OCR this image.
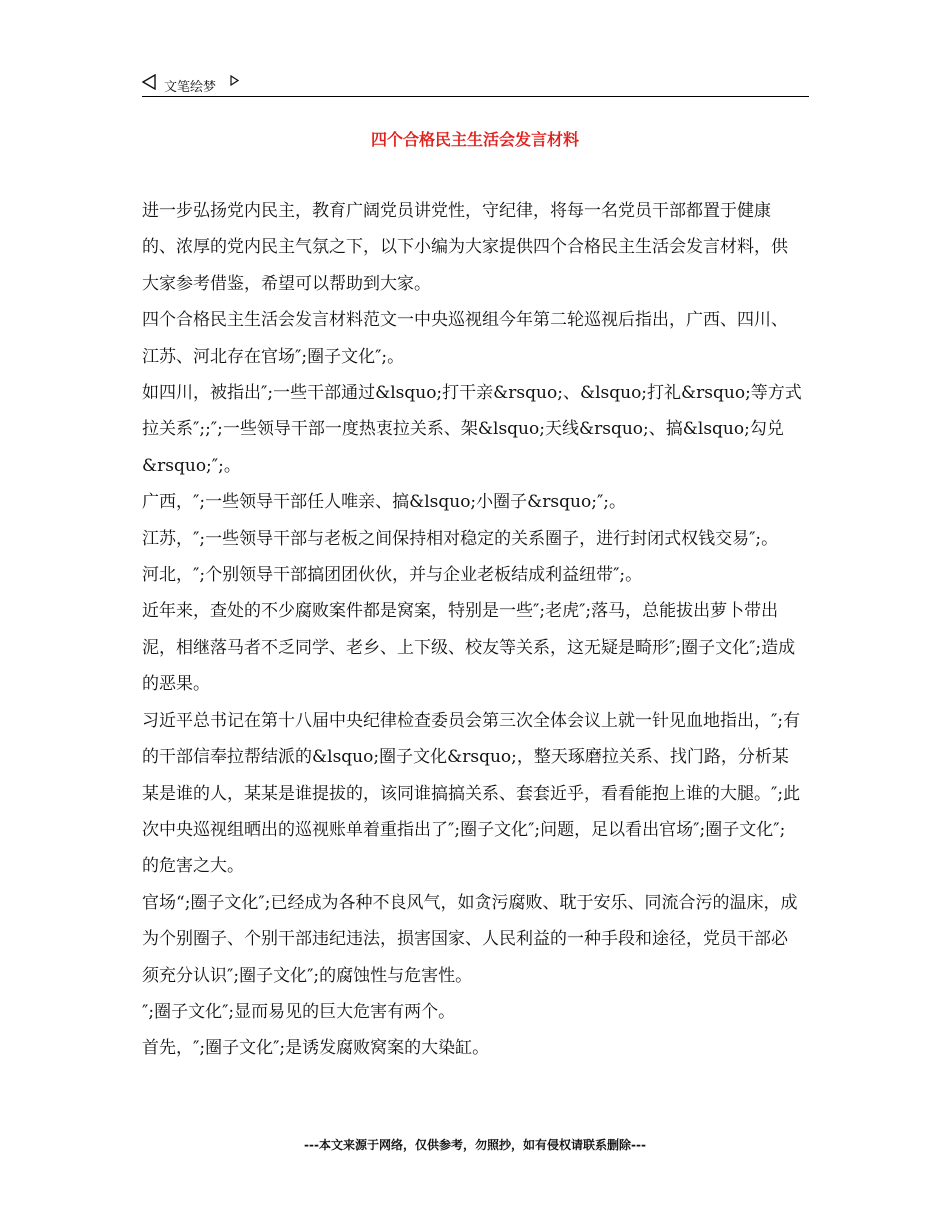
文笔绘梦
四个合格民主生活会发言材料

进一步弘扬党内民主，教育广阔党员讲党性，守纪律，将每一名党员干部都置于健康的、浓厚的党内民主气氛之下，以下小编为大家提供四个合格民主生活会发言材料，供大家参考借鉴，希望可以帮助到大家。

四个合格民主生活会发言材料范文一中央巡视组今年第二轮巡视后指出，广西、四川、江苏、河北存在官场″;圈子文化″;。

如四川，被指出″;一些干部通过&lsquo;打干亲&rsquo;、&lsquo;打礼&rsquo;等方式拉关系″;;″;一些领导干部一度热衷拉关系、架&lsquo;天线&rsquo;、搞&lsquo;勾兑&rsquo;″;。

广西，″;一些领导干部任人唯亲、搞&lsquo;小圈子&rsquo;″;。

江苏，″;一些领导干部与老板之间保持相对稳定的关系圈子，进行封闭式权钱交易″;。

河北，″;个别领导干部搞团团伙伙，并与企业老板结成利益纽带″;。

近年来，查处的不少腐败案件都是窝案，特别是一些″;老虎″;落马，总能拔出萝卜带出泥，相继落马者不乏同学、老乡、上下级、校友等关系，这无疑是畸形″;圈子文化″;造成的恶果。

习近平总书记在第十八届中央纪律检查委员会第三次全体会议上就一针见血地指出，″;有的干部信奉拉帮结派的&lsquo;圈子文化&rsquo;，整天琢磨拉关系、找门路，分析某某是谁的人，某某是谁提拔的，该同谁搞搞关系、套套近乎，看看能抱上谁的大腿。″;此次中央巡视组晒出的巡视账单着重指出了″;圈子文化″;问题，足以看出官场″;圈子文化″;的危害之大。

官场“;圈子文化″;已经成为各种不良风气，如贪污腐败、耽于安乐、同流合污的温床，成为个别圈子、个别干部违纪违法，损害国家、人民利益的一种手段和途径，党员干部必须充分认识″;圈子文化″;的腐蚀性与危害性。

″;圈子文化″;显而易见的巨大危害有两个。

首先，″;圈子文化″;是诱发腐败窝案的大染缸。

---本文来源于网络，仅供参考，勿照抄，如有侵权请联系删除---
